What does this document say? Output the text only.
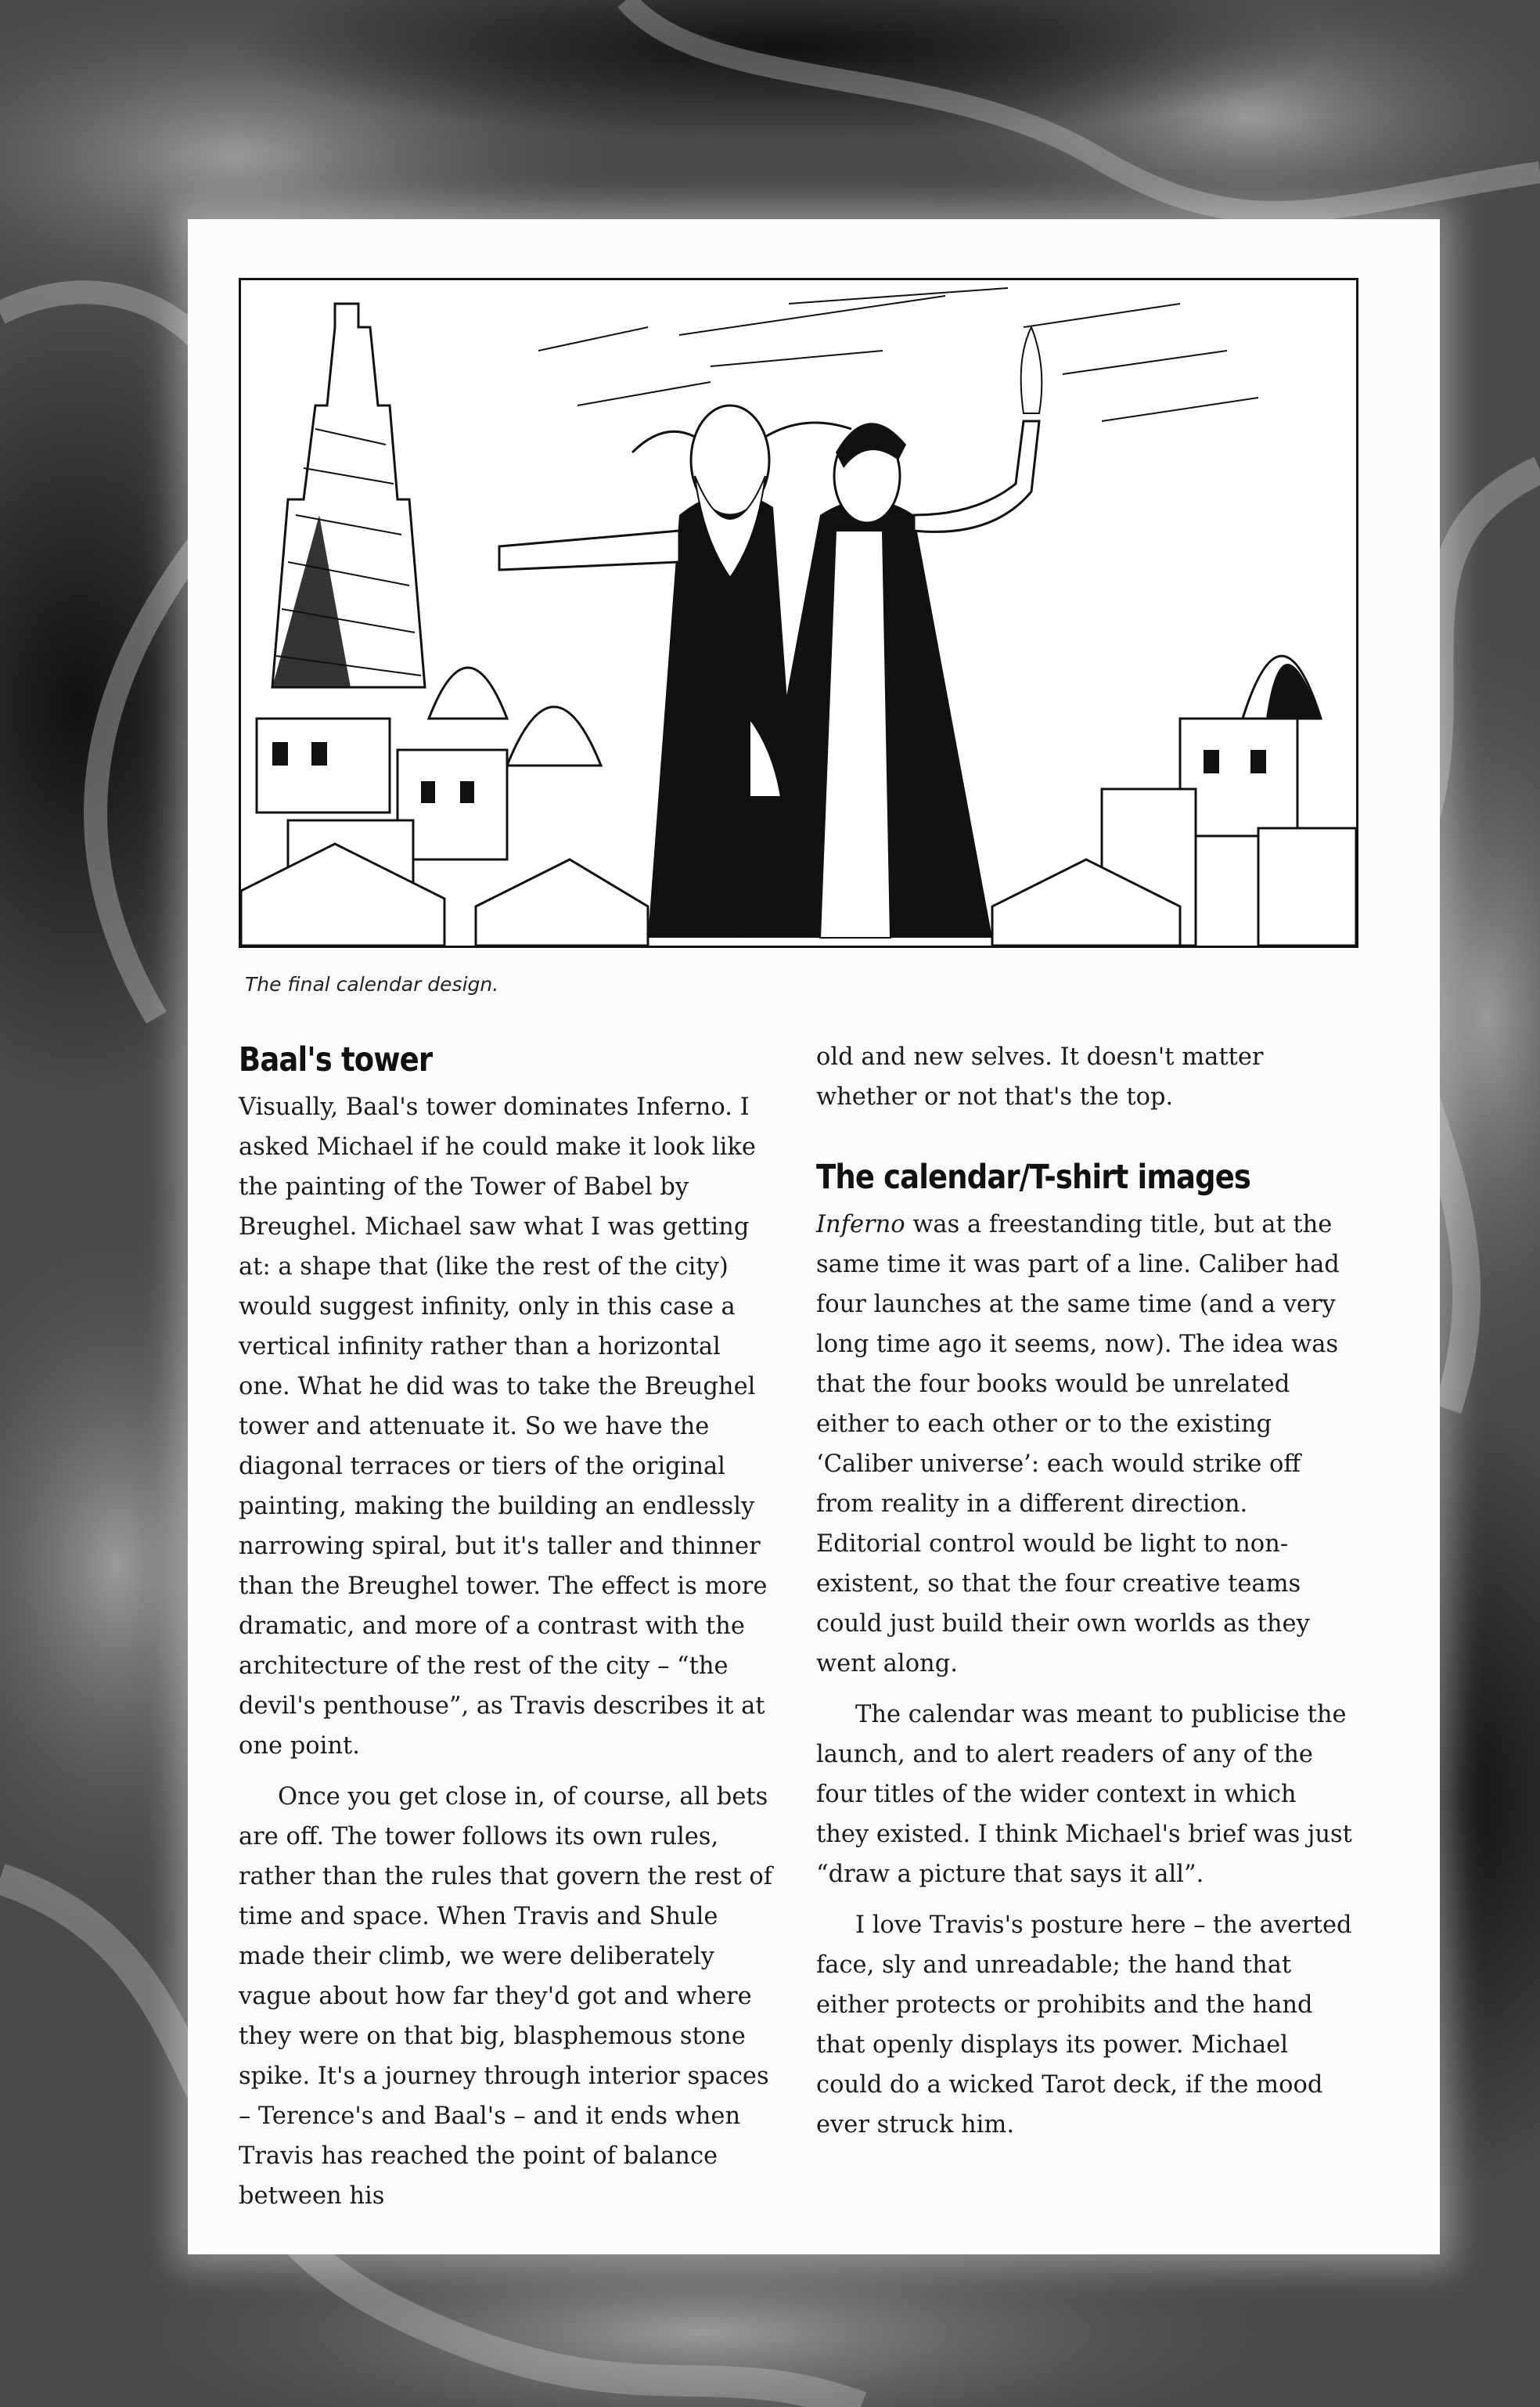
The final calendar design.

Baal's tower

Visually, Baal's tower dominates Inferno. I asked Michael if he could make it look like the painting of the Tower of Babel by Breughel. Michael saw what I was getting at: a shape that (like the rest of the city) would suggest infinity, only in this case a vertical infinity rather than a horizontal one. What he did was to take the Breughel tower and attenuate it. So we have the diagonal terraces or tiers of the original painting, making the building an endlessly narrowing spiral, but it's taller and thinner than the Breughel tower. The effect is more dramatic, and more of a contrast with the architecture of the rest of the city – “the devil's penthouse”, as Travis describes it at one point.

Once you get close in, of course, all bets are off. The tower follows its own rules, rather than the rules that govern the rest of time and space. When Travis and Shule made their climb, we were deliberately vague about how far they'd got and where they were on that big, blasphemous stone spike. It's a journey through interior spaces – Terence's and Baal's – and it ends when Travis has reached the point of balance between his

old and new selves. It doesn't matter whether or not that's the top.

The calendar/T-shirt images

Inferno was a freestanding title, but at the same time it was part of a line. Caliber had four launches at the same time (and a very long time ago it seems, now). The idea was that the four books would be unrelated either to each other or to the existing ‘Caliber universe’: each would strike off from reality in a different direction. Editorial control would be light to non-existent, so that the four creative teams could just build their own worlds as they went along.

The calendar was meant to publicise the launch, and to alert readers of any of the four titles of the wider context in which they existed. I think Michael's brief was just “draw a picture that says it all”.

I love Travis's posture here – the averted face, sly and unreadable; the hand that either protects or prohibits and the hand that openly displays its power. Michael could do a wicked Tarot deck, if the mood ever struck him.
